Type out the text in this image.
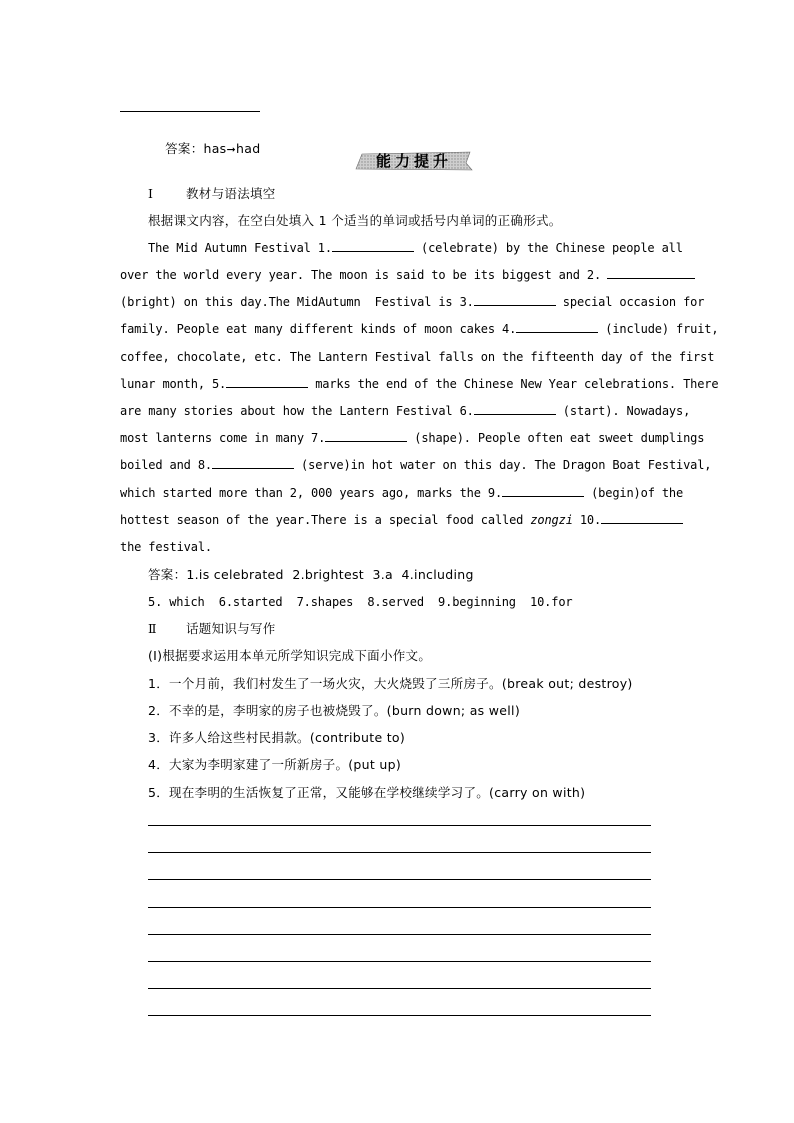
答案：has➞had

能力提升
Ⅰ	教材与语法填空
根据课文内容，在空白处填入 1 个适当的单词或括号内单词的正确形式。
The Mid Autumn Festival 1.	(celebrate) by the Chinese people all
over the world every year. The moon is said to be its biggest and 2.
(bright) on this day.The MidAutumn  Festival is 3.	special occasion for
family. People eat many different kinds of moon cakes 4.	(include) fruit,
coffee, chocolate, etc. The Lantern Festival falls on the fifteenth day of the first
lunar month, 5.	marks the end of the Chinese New Year celebrations. There
are many stories about how the Lantern Festival 6.	(start). Nowadays,
most lanterns come in many 7.	(shape). People often eat sweet dumplings
boiled and 8.	(serve)in hot water on this day. The Dragon Boat Festival,
which started more than 2, 000 years ago, marks the 9.	(begin)of the
hottest season of the year.There is a special food called zongzi 10.
the festival.
答案：1.is celebrated  2.brightest  3.a  4.including
5. which  6.started  7.shapes  8.served  9.beginning  10.for
Ⅱ 话题知识与写作
(Ⅰ)根据要求运用本单元所学知识完成下面小作文。
1．一个月前，我们村发生了一场火灾，大火烧毁了三所房子。(break out; destroy)
2．不幸的是，李明家的房子也被烧毁了。(burn down; as well)
3．许多人给这些村民捐款。(contribute to)
4．大家为李明家建了一所新房子。(put up)
5．现在李明的生活恢复了正常，又能够在学校继续学习了。(carry on with)
